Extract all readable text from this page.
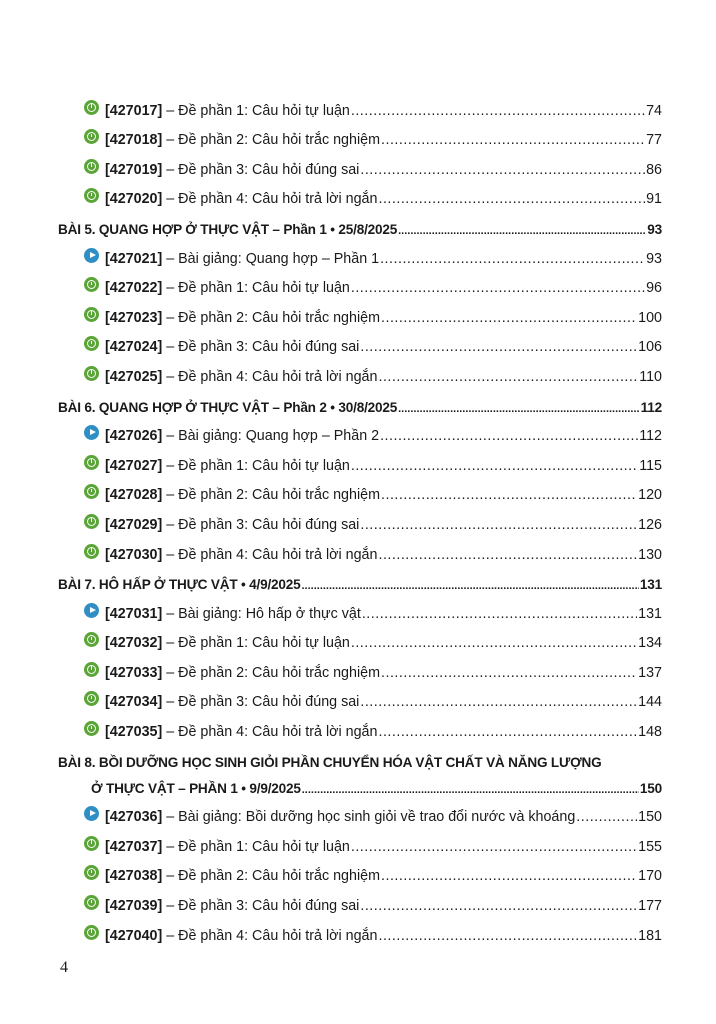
[427017] – Đề phần 1: Câu hỏi tự luận .....	74
[427018] – Đề phần 2: Câu hỏi trắc nghiệm .....	77
[427019] – Đề phần 3: Câu hỏi đúng sai .....	86
[427020] – Đề phần 4: Câu hỏi trả lời ngắn .....	91
BÀI 5. QUANG HỢP Ở THỰC VẬT – Phần 1 • 25/8/2025 .....	93
[427021] – Bài giảng: Quang hợp – Phần 1 .....	93
[427022] – Đề phần 1: Câu hỏi tự luận .....	96
[427023] – Đề phần 2: Câu hỏi trắc nghiệm .....	100
[427024] – Đề phần 3: Câu hỏi đúng sai .....	106
[427025] – Đề phần 4: Câu hỏi trả lời ngắn .....	110
BÀI 6. QUANG HỢP Ở THỰC VẬT – Phần 2 • 30/8/2025 .....	112
[427026] – Bài giảng: Quang hợp – Phần 2 .....	112
[427027] – Đề phần 1: Câu hỏi tự luận .....	115
[427028] – Đề phần 2: Câu hỏi trắc nghiệm .....	120
[427029] – Đề phần 3: Câu hỏi đúng sai .....	126
[427030] – Đề phần 4: Câu hỏi trả lời ngắn .....	130
BÀI 7. HÔ HẤP Ở THỰC VẬT • 4/9/2025 .....	131
[427031] – Bài giảng: Hô hấp ở thực vật .....	131
[427032] – Đề phần 1: Câu hỏi tự luận .....	134
[427033] – Đề phần 2: Câu hỏi trắc nghiệm .....	137
[427034] – Đề phần 3: Câu hỏi đúng sai .....	144
[427035] – Đề phần 4: Câu hỏi trả lời ngắn .....	148
BÀI 8. BỒI DƯỠNG HỌC SINH GIỎI PHẦN CHUYỂN HÓA VẬT CHẤT VÀ NĂNG LƯỢNG
Ở THỰC VẬT – PHẦN 1 • 9/9/2025 .....	150
[427036] – Bài giảng: Bồi dưỡng học sinh giỏi về trao đổi nước và khoáng .....	150
[427037] – Đề phần 1: Câu hỏi tự luận .....	155
[427038] – Đề phần 2: Câu hỏi trắc nghiệm .....	170
[427039] – Đề phần 3: Câu hỏi đúng sai .....	177
[427040] – Đề phần 4: Câu hỏi trả lời ngắn .....	181
4
